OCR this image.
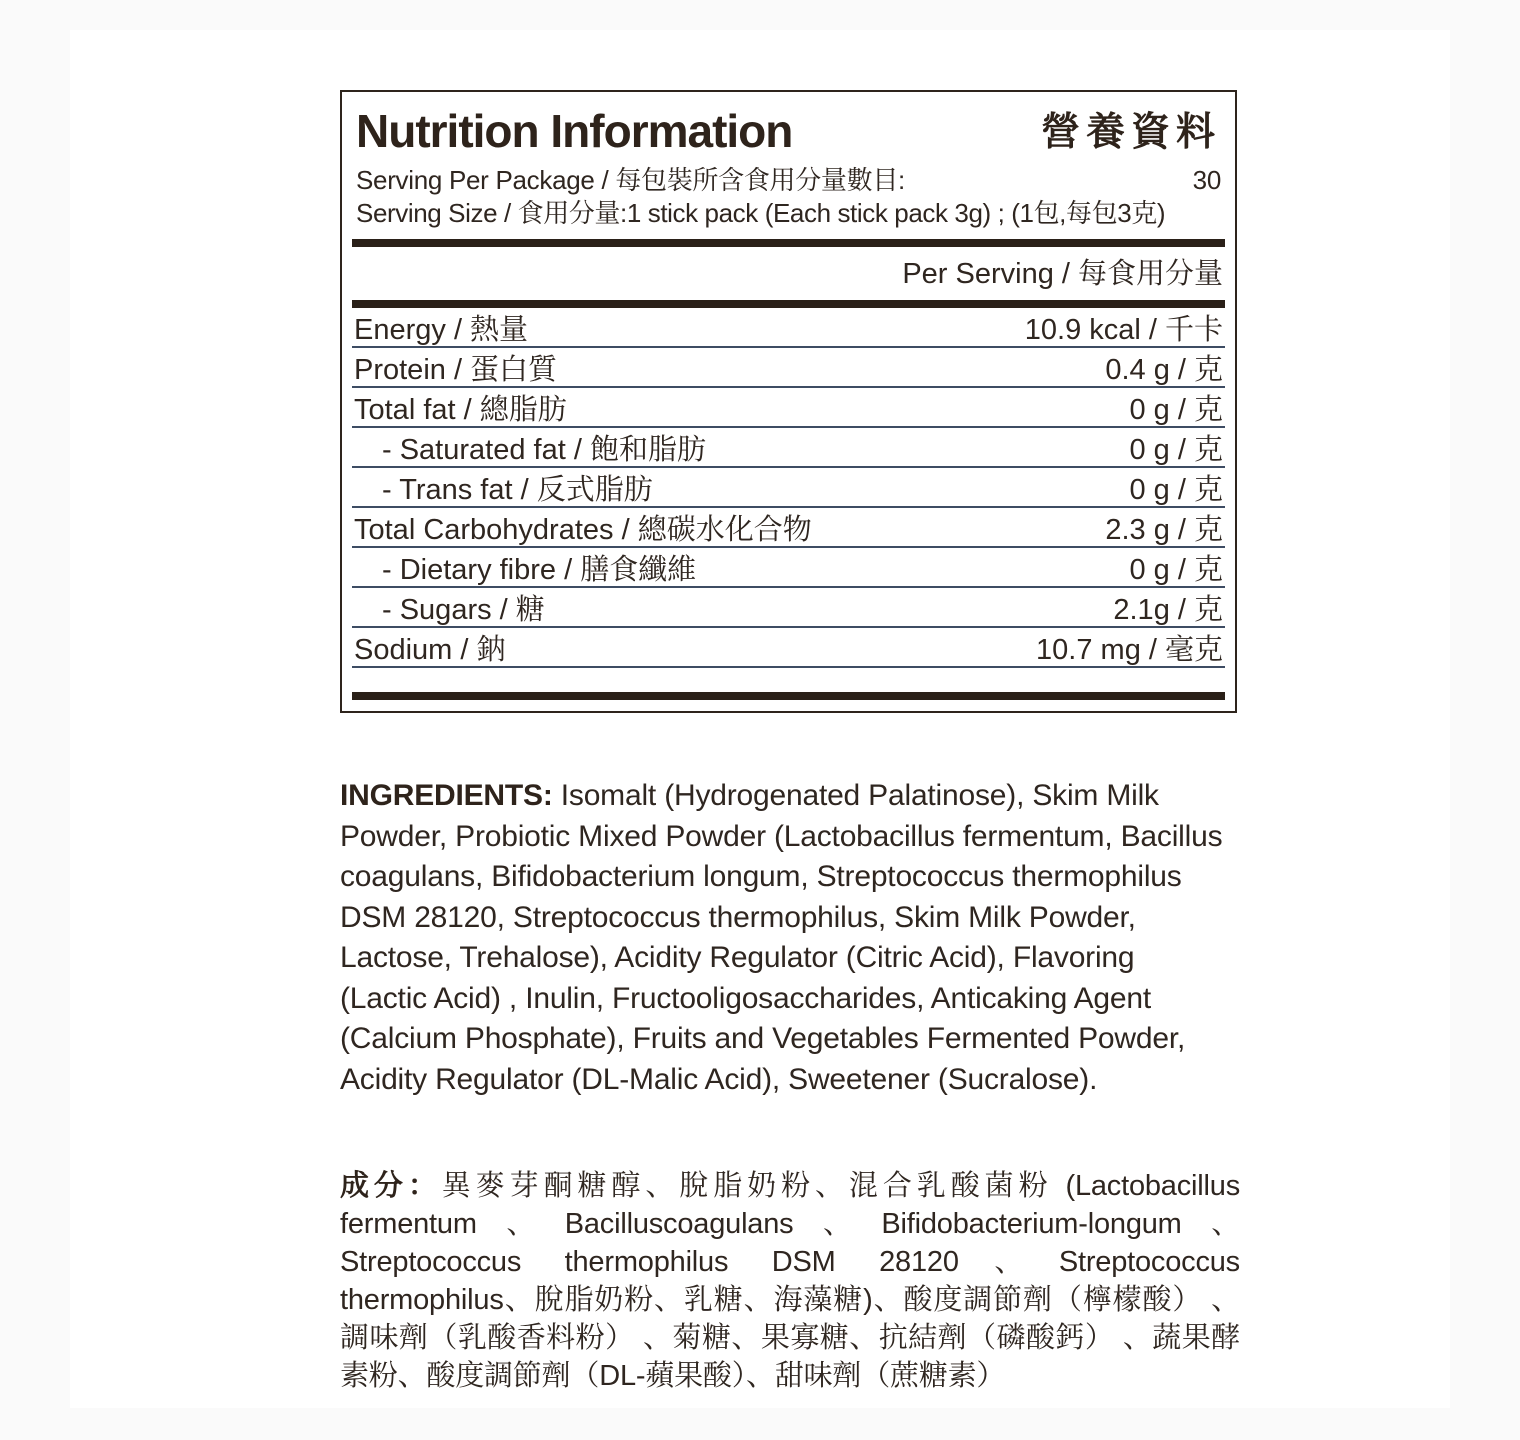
Nutrition Information	營養資料
Serving Per Package / 每包裝所含食用分量數目:	30
Serving Size / 食用分量:1 stick pack (Each stick pack 3g) ; (1包,每包3克)
Per Serving / 每食用分量
Energy / 熱量	10.9 kcal / 千卡
Protein / 蛋白質	0.4 g / 克
Total fat / 總脂肪	0 g / 克
- Saturated fat / 飽和脂肪	0 g / 克
- Trans fat / 反式脂肪	0 g / 克
Total Carbohydrates / 總碳水化合物	2.3 g / 克
- Dietary fibre / 膳食纖維	0 g / 克
- Sugars / 糖	2.1g / 克
Sodium / 鈉	10.7 mg / 毫克

INGREDIENTS: Isomalt (Hydrogenated Palatinose), Skim Milk Powder, Probiotic Mixed Powder (Lactobacillus fermentum, Bacillus coagulans, Bifidobacterium longum, Streptococcus thermophilus DSM 28120, Streptococcus thermophilus, Skim Milk Powder, Lactose, Trehalose), Acidity Regulator (Citric Acid), Flavoring (Lactic Acid) , Inulin, Fructooligosaccharides, Anticaking Agent (Calcium Phosphate), Fruits and Vegetables Fermented Powder, Acidity Regulator (DL-Malic Acid), Sweetener (Sucralose).

成分：異麥芽酮糖醇、脫脂奶粉、混合乳酸菌粉 (Lactobacillus fermentum、Bacilluscoagulans、Bifidobacterium-longum、Streptococcus thermophilus DSM 28120、Streptococcus thermophilus、脫脂奶粉、乳糖、海藻糖)、酸度調節劑（檸檬酸） 、調味劑（乳酸香料粉） 、菊糖、果寡糖、抗結劑（磷酸鈣） 、蔬果酵素粉、酸度調節劑（DL-蘋果酸）、甜味劑（蔗糖素）
